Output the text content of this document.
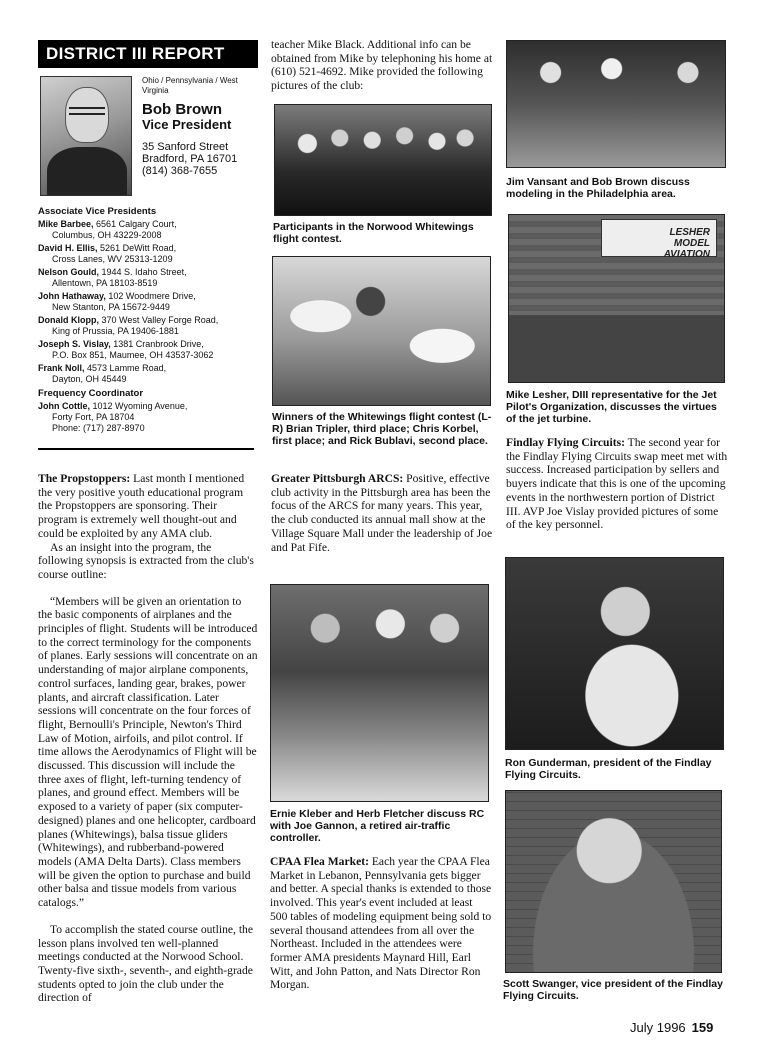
DISTRICT III REPORT
Ohio / Pennsylvania / West Virginia
Bob Brown
Vice President
35 Sanford Street
Bradford, PA 16701
(814) 368-7655
Associate Vice Presidents
Mike Barbee, 6561 Calgary Court,
Columbus, OH 43229-2008
David H. Ellis, 5261 DeWitt Road,
Cross Lanes, WV 25313-1209
Nelson Gould, 1944 S. Idaho Street,
Allentown, PA 18103-8519
John Hathaway, 102 Woodmere Drive,
New Stanton, PA 15672-9449
Donald Klopp, 370 West Valley Forge Road,
King of Prussia, PA 19406-1881
Joseph S. Vislay, 1381 Cranbrook Drive,
P.O. Box 851, Maumee, OH 43537-3062
Frank Noll, 4573 Lamme Road,
Dayton, OH 45449
Frequency Coordinator
John Cottle, 1012 Wyoming Avenue,
Forty Fort, PA 18704
Phone: (717) 287-8970

The Propstoppers: Last month I mentioned the very positive youth educational program the Propstoppers are sponsoring. Their program is extremely well thought-out and could be exploited by any AMA club.

As an insight into the program, the following synopsis is extracted from the club's course outline:

“Members will be given an orientation to the basic components of airplanes and the principles of flight. Students will be introduced to the correct terminology for the components of planes. Early sessions will concentrate on an understanding of major airplane components, control surfaces, landing gear, brakes, power plants, and aircraft classification. Later sessions will concentrate on the four forces of flight, Bernoulli's Principle, Newton's Third Law of Motion, airfoils, and pilot control. If time allows the Aerodynamics of Flight will be discussed. This discussion will include the three axes of flight, left-turning tendency of planes, and ground effect. Members will be exposed to a variety of paper (six computer-designed) planes and one helicopter, cardboard planes (Whitewings), balsa tissue gliders (Whitewings), and rubberband-powered models (AMA Delta Darts). Class members will be given the option to purchase and build other balsa and tissue models from various catalogs.”

To accomplish the stated course outline, the lesson plans involved ten well-planned meetings conducted at the Norwood School. Twenty-five sixth-, seventh-, and eighth-grade students opted to join the club under the direction of

teacher Mike Black. Additional info can be obtained from Mike by telephoning his home at (610) 521-4692. Mike provided the following pictures of the club:
Participants in the Norwood Whitewings flight contest.
Winners of the Whitewings flight contest (L-R) Brian Tripler, third place; Chris Korbel, first place; and Rick Bublavi, second place.
Greater Pittsburgh ARCS: Positive, effective club activity in the Pittsburgh area has been the focus of the ARCS for many years. This year, the club conducted its annual mall show at the Village Square Mall under the leadership of Joe and Pat Fife.
Ernie Kleber and Herb Fletcher discuss RC with Joe Gannon, a retired air-traffic controller.
CPAA Flea Market: Each year the CPAA Flea Market in Lebanon, Pennsylvania gets bigger and better. A special thanks is extended to those involved. This year's event included at least 500 tables of modeling equipment being sold to several thousand attendees from all over the Northeast. Included in the attendees were former AMA presidents Maynard Hill, Earl Witt, and John Patton, and Nats Director Ron Morgan.
Jim Vansant and Bob Brown discuss modeling in the Philadelphia area.
LESHER
MODEL
AVIATION
Mike Lesher, DIII representative for the Jet Pilot's Organization, discusses the virtues of the jet turbine.
Findlay Flying Circuits: The second year for the Findlay Flying Circuits swap meet met with success. Increased participation by sellers and buyers indicate that this is one of the upcoming events in the northwestern portion of District III. AVP Joe Vislay provided pictures of some of the key personnel.
Ron Gunderman, president of the Findlay Flying Circuits.
Scott Swanger, vice president of the Findlay Flying Circuits.
July 1996 159
